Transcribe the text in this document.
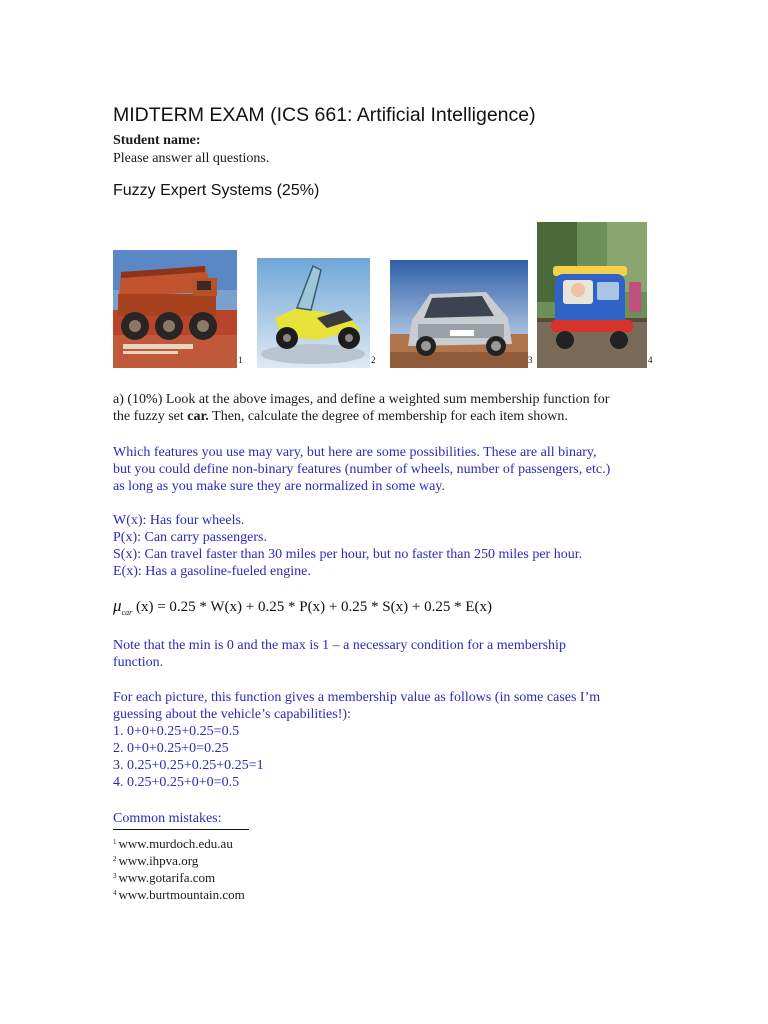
MIDTERM EXAM (ICS 661: Artificial Intelligence)
Student name:
Please answer all questions.
Fuzzy Expert Systems (25%)
1	2	3	4
a) (10%) Look at the above images, and define a weighted sum membership function for
the fuzzy set car. Then, calculate the degree of membership for each item shown.
Which features you use may vary, but here are some possibilities. These are all binary,
but you could define non-binary features (number of wheels, number of passengers, etc.)
as long as you make sure they are normalized in some way.
W(x): Has four wheels.
P(x): Can carry passengers.
S(x): Can travel faster than 30 miles per hour, but no faster than 250 miles per hour.
E(x): Has a gasoline-fueled engine.
$\mu_{car}$ (x) = 0.25 * W(x) + 0.25 * P(x) + 0.25 * S(x) + 0.25 * E(x)
Note that the min is 0 and the max is 1 – a necessary condition for a membership
function.
For each picture, this function gives a membership value as follows (in some cases I’m
guessing about the vehicle’s capabilities!):
1. 0+0+0.25+0.25=0.5
2. 0+0+0.25+0=0.25
3. 0.25+0.25+0.25+0.25=1
4. 0.25+0.25+0+0=0.5
Common mistakes:
$^1$ www.murdoch.edu.au
$^2$ www.ihpva.org
$^3$ www.gotarifa.com
$^4$ www.burtmountain.com
